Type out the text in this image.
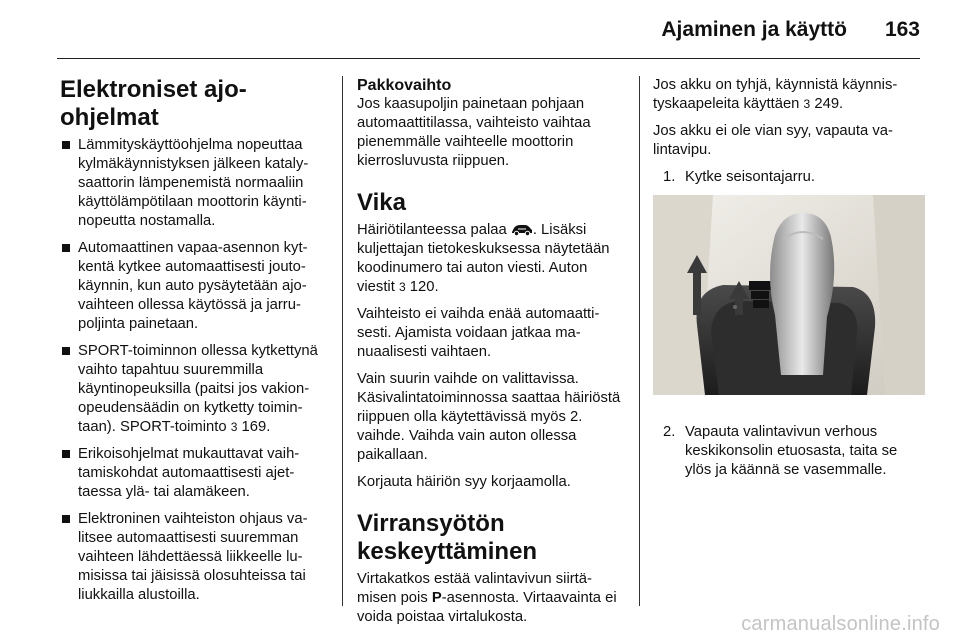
Ajaminen ja käyttö 163
Elektroniset ajo-ohjelmat
Lämmityskäyttöohjelma nopeuttaa kylmäkäynnistyksen jälkeen katalysaattorin lämpenemistä normaaliin käyttölämpötilaan moottorin käyntinopeutta nostamalla.
Automaattinen vapaa-asennon kytkentä kytkee automaattisesti joutokäynnin, kun auto pysäytetään ajovaihteen ollessa käytössä ja jarrupoljinta painetaan.
SPORT-toiminnon ollessa kytkettynä vaihto tapahtuu suuremmilla käyntinopeuksilla (paitsi jos vakionopeudensäädin on kytketty toimintaan). SPORT-toiminto 3 169.
Erikoisohjelmat mukauttavat vaihtamiskohdat automaattisesti ajettaessa ylä- tai alamäkeen.
Elektroninen vaihteiston ohjaus valitsee automaattisesti suuremman vaihteen lähdettäessä liikkeelle lumisissa tai jäisissä olosuhteissa tai liukkailla alustoilla.
Pakkovaihto

Jos kaasupoljin painetaan pohjaan automaattitilassa, vaihteisto vaihtaa pienemmälle vaihteelle moottorin kierrosluvusta riippuen.

Vika

Häiriötilanteessa palaa . Lisäksi kuljettajan tietokeskuksessa näytetään koodinumero tai auton viesti. Auton viestit 3 120.

Vaihteisto ei vaihda enää automaattisesti. Ajamista voidaan jatkaa manuaalisesti vaihtaen.

Vain suurin vaihde on valittavissa. Käsivalintatoiminnossa saattaa häiriöstä riippuen olla käytettävissä myös 2. vaihde. Vaihda vain auton ollessa paikallaan.

Korjauta häiriön syy korjaamolla.

Virransyötön
keskeyttäminen

Virtakatkos estää valintavivun siirtämisen pois P-asennosta. Virtaavainta ei voida poistaa virtalukosta.

Jos akku on tyhjä, käynnistä käynnistyskaapeleita käyttäen 3 249.

Jos akku ei ole vian syy, vapauta valintavipu.

1. Kytke seisontajarru.
2. Vapauta valintavivun verhous keskikonsolin etuosasta, taita se ylös ja käännä se vasemmalle.
carmanualsonline.info
